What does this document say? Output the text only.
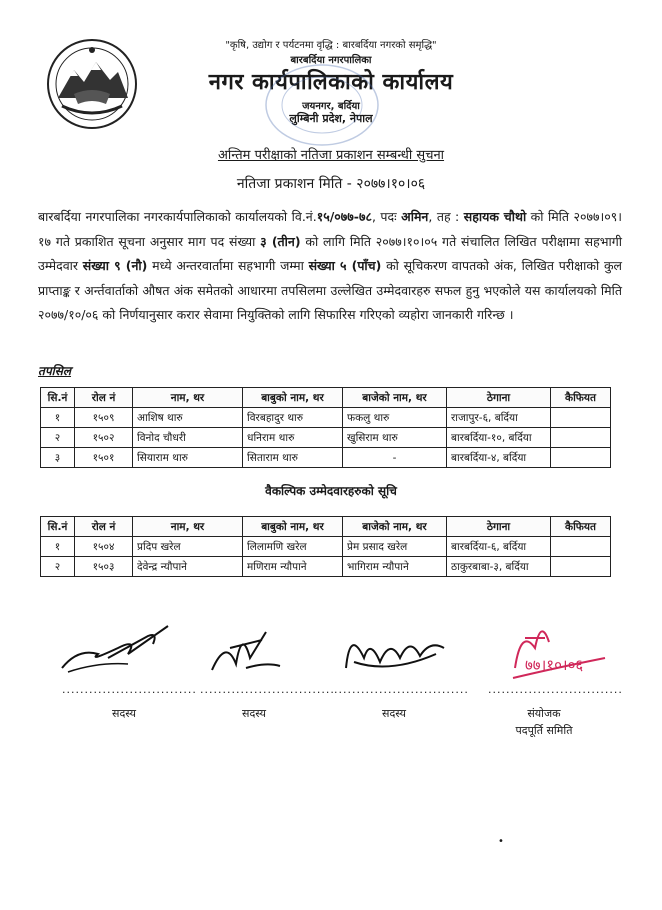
"कृषि, उद्योग र पर्यटनमा वृद्धि : बारबर्दिया नगरको समृद्धि"
बारबर्दिया नगरपालिका
नगर कार्यपालिकाको कार्यालय
जयनगर, बर्दिया
लुम्बिनी प्रदेश, नेपाल
अन्तिम परीक्षाको नतिजा प्रकाशन सम्बन्धी सुचना
नतिजा प्रकाशन मिति - २०७७।१०।०६
बारबर्दिया नगरपालिका नगरकार्यपालिकाको कार्यालयको वि.नं.१५/०७७-७८, पदः अमिन, तह : सहायक चौथो को मिति २०७७।०९।१७ गते प्रकाशित सूचना अनुसार माग पद संख्या ३ (तीन) को लागि मिति २०७७।१०।०५ गते संचालित लिखित परीक्षामा सहभागी उम्मेदवार संख्या ९ (नौ) मध्ये अन्तरवार्तामा सहभागी जम्मा संख्या ५ (पाँच) को सूचिकरण वापतको अंक, लिखित परीक्षाको कुल प्राप्ताङ्क र अर्न्तवार्ताको औषत अंक समेतको आधारमा तपसिलमा उल्लेखित उम्मेदवारहरु सफल हुनु भएकोले यस कार्यालयको मिति २०७७/१०/०६ को निर्णयानुसार करार सेवामा नियुक्तिको लागि सिफारिस गरिएको व्यहोरा जानकारी गरिन्छ ।
तपसिल
सि.नं	रोल नं	नाम, थर	बाबुको नाम, थर	बाजेको नाम, थर	ठेगाना	कैफियत
१	१५०९	आशिष थारु	विरबहादुर थारु	फकलु थारु	राजापुर-६, बर्दिया	
२	१५०२	विनोद चौधरी	धनिराम थारु	खुसिराम थारु	बारबर्दिया-१०, बर्दिया	
३	१५०१	सियाराम थारु	सिताराम थारु	-	बारबर्दिया-४, बर्दिया	
वैकल्पिक उम्मेदवारहरुको सूचि
सि.नं	रोल नं	नाम, थर	बाबुको नाम, थर	बाजेको नाम, थर	ठेगाना	कैफियत
१	१५०४	प्रदिप खरेल	लिलामणि खरेल	प्रेम प्रसाद खरेल	बारबर्दिया-६, बर्दिया	
२	१५०३	देवेन्द्र न्यौपाने	मणिराम न्यौपाने	भागिराम न्यौपाने	ठाकुरबाबा-३, बर्दिया	
७७।१०।०६
.............................. .............................. .............................. ..............................
सदस्य	सदस्य	सदस्य	संयोजक
पदपूर्ति समिति
•
